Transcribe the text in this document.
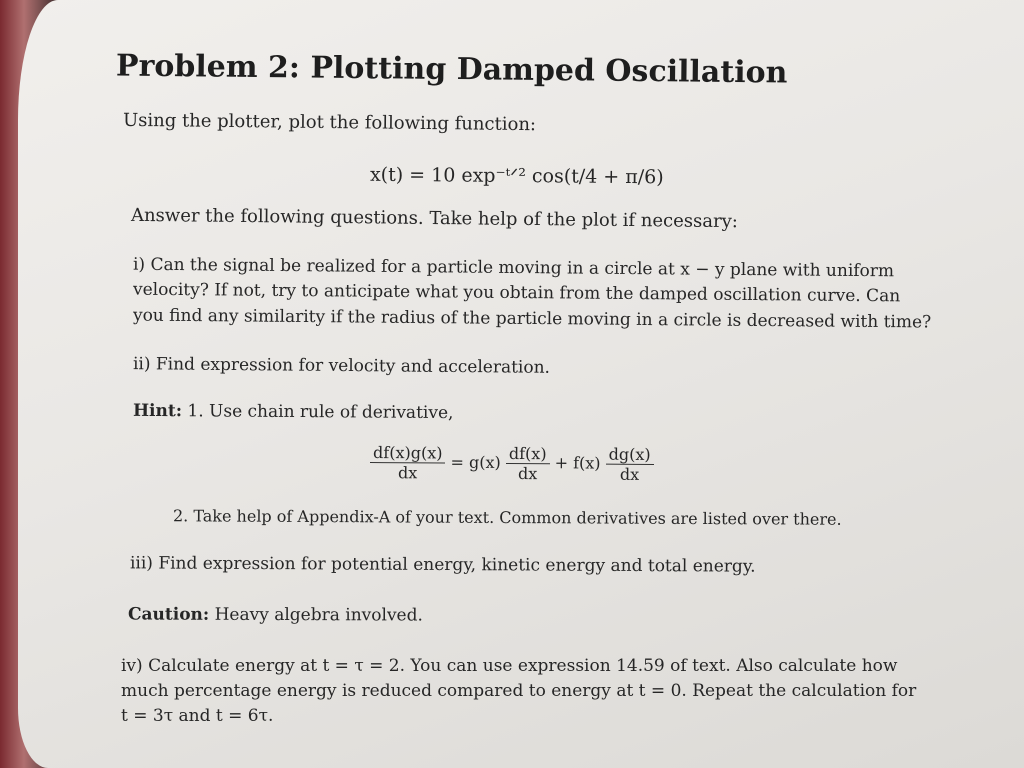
Problem 2: Plotting Damped Oscillation
Using the plotter, plot the following function:
x(t) = 10 exp⁻ᵗᐟ² cos(t/4 + π/6)
Answer the following questions. Take help of the plot if necessary:
i) Can the signal be realized for a particle moving in a circle at x − y plane with uniform
velocity? If not, try to anticipate what you obtain from the damped oscillation curve. Can
you find any similarity if the radius of the particle moving in a circle is decreased with time?
ii) Find expression for velocity and acceleration.
Hint: 1. Use chain rule of derivative,
$\frac{df(x)g(x)}{dx} = g(x) \frac{df(x)}{dx} + f(x) \frac{dg(x)}{dx}$
2. Take help of Appendix-A of your text. Common derivatives are listed over there.
iii) Find expression for potential energy, kinetic energy and total energy.
Caution: Heavy algebra involved.
iv) Calculate energy at t = τ = 2. You can use expression 14.59 of text. Also calculate how
much percentage energy is reduced compared to energy at t = 0. Repeat the calculation for
t = 3τ and t = 6τ.
